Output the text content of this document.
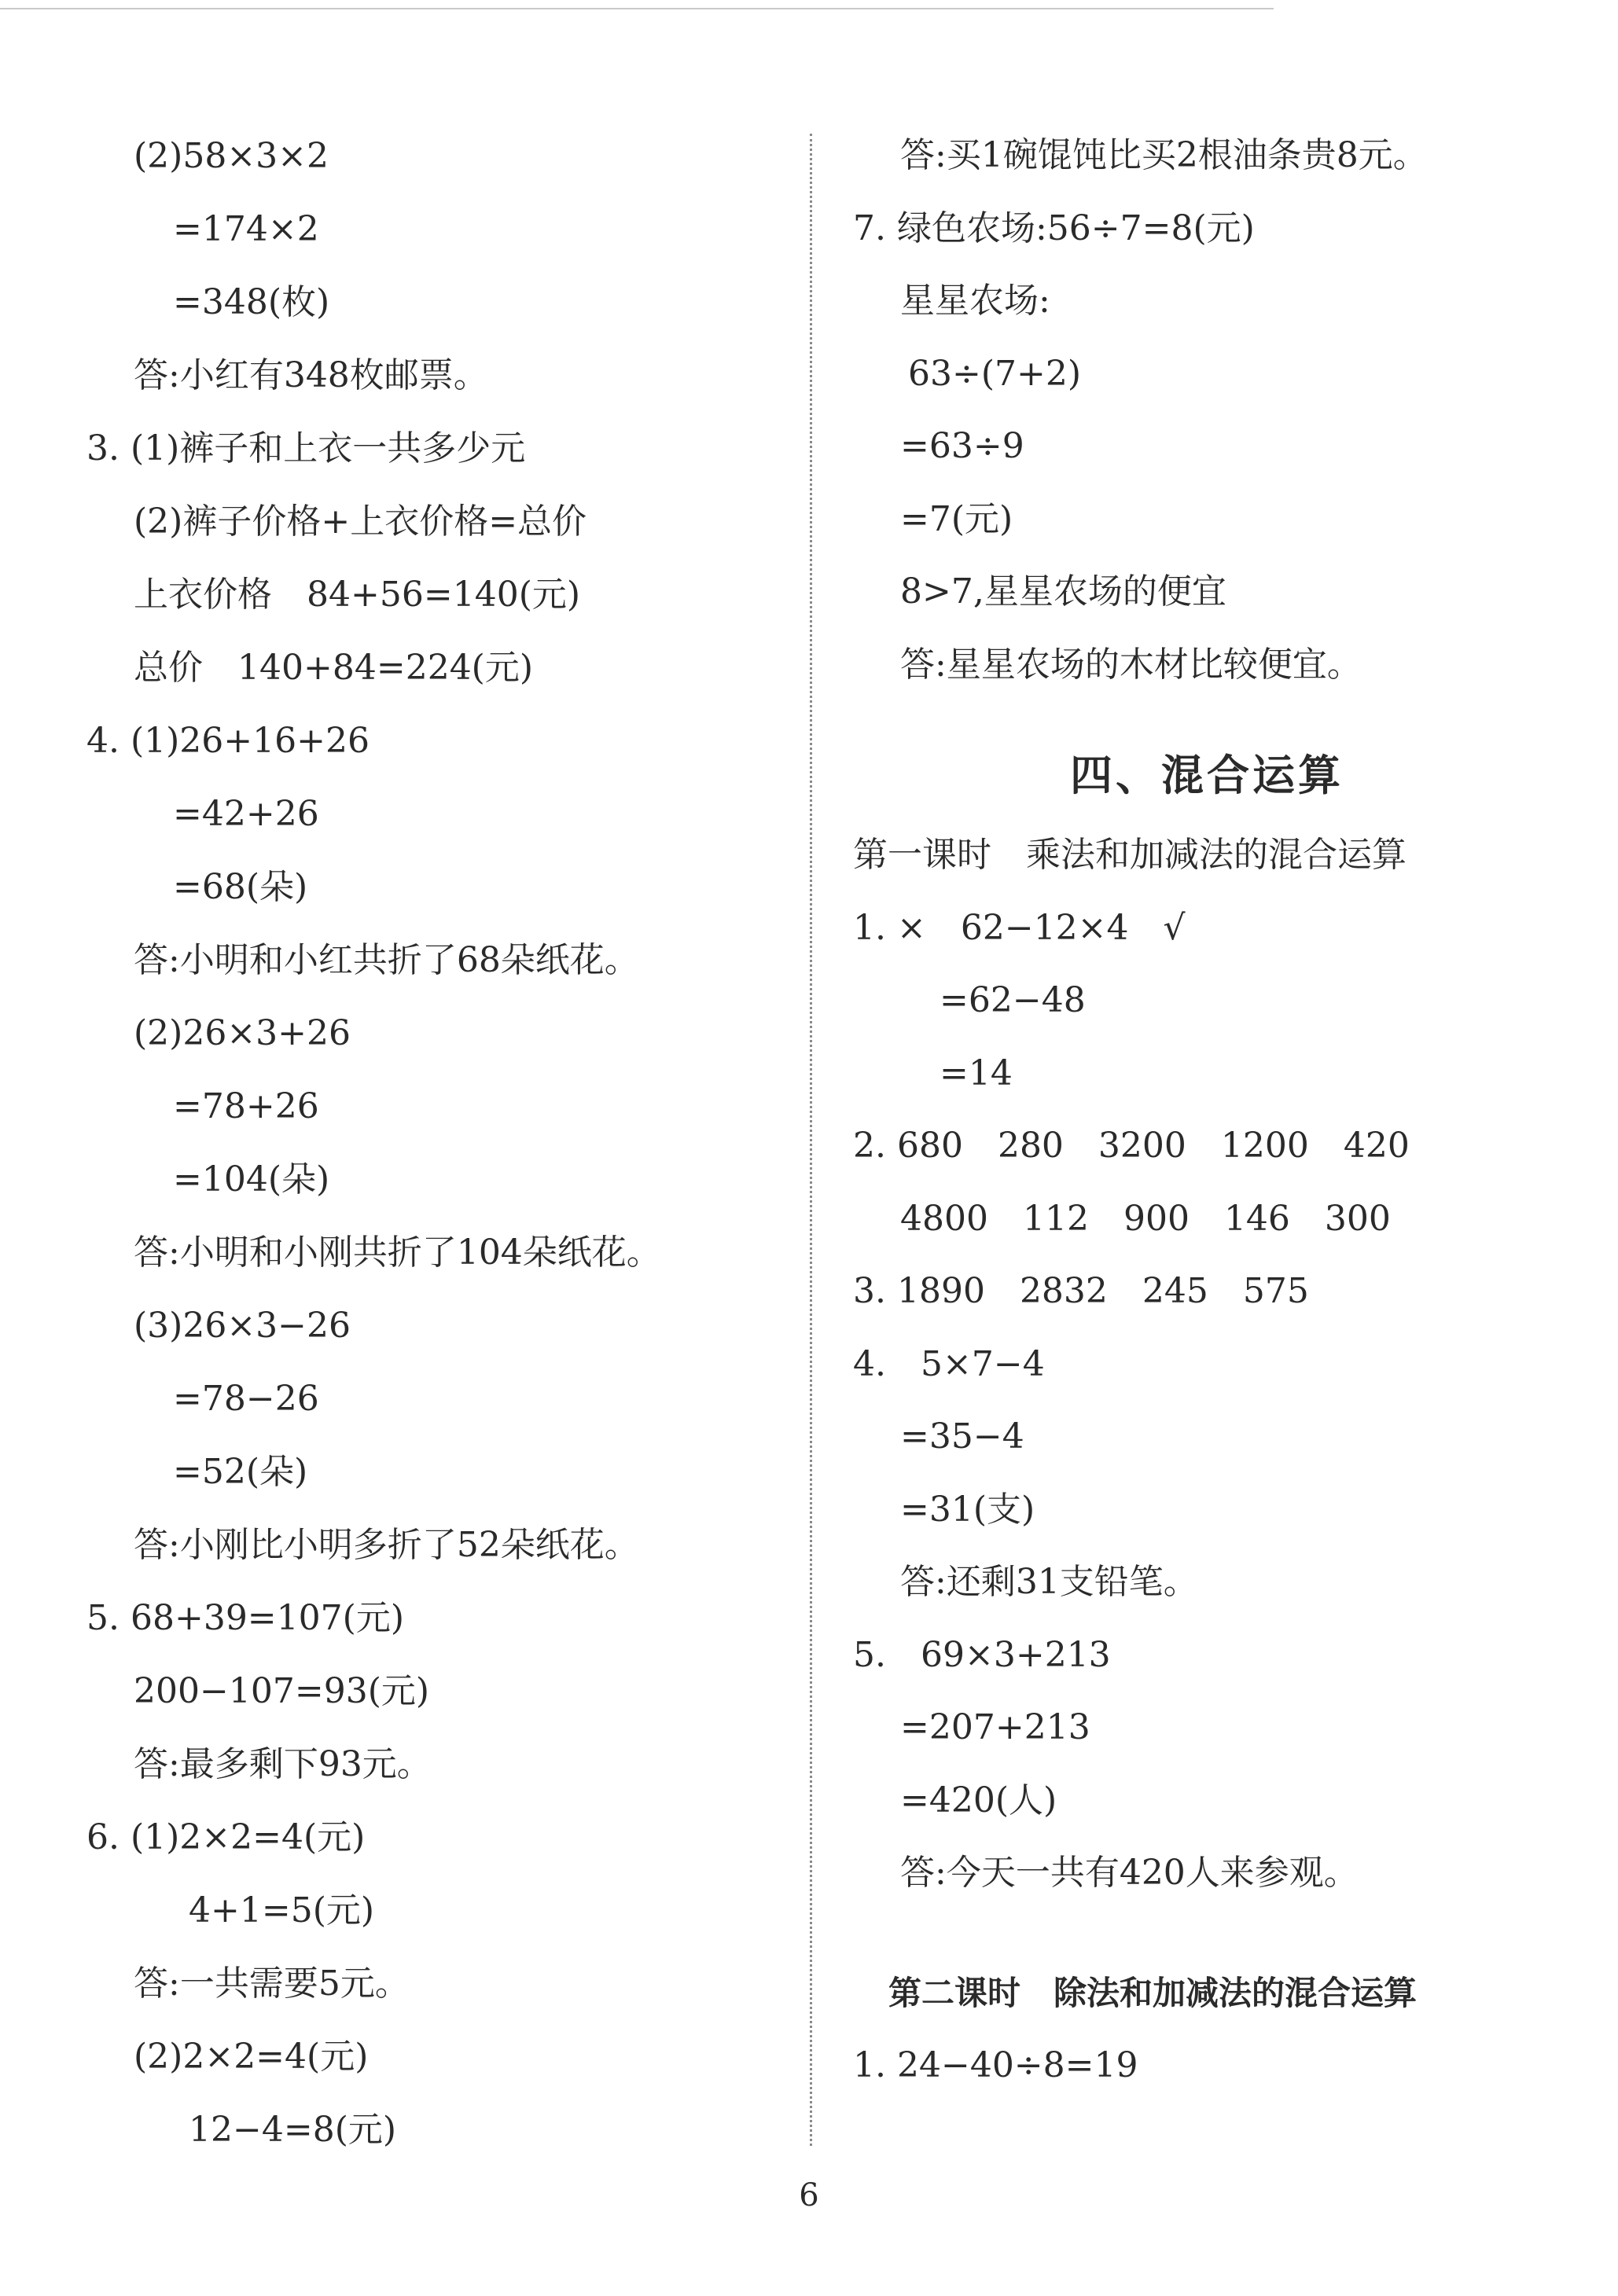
(2)58×3×2
=174×2
=348(枚)
答:小红有348枚邮票。
3. (1)裤子和上衣一共多少元
(2)裤子价格+上衣价格=总价
上衣价格　84+56=140(元)
总价　140+84=224(元)
4. (1)26+16+26
=42+26
=68(朵)
答:小明和小红共折了68朵纸花。
(2)26×3+26
=78+26
=104(朵)
答:小明和小刚共折了104朵纸花。
(3)26×3−26
=78−26
=52(朵)
答:小刚比小明多折了52朵纸花。
5. 68+39=107(元)
200−107=93(元)
答:最多剩下93元。
6. (1)2×2=4(元)
4+1=5(元)
答:一共需要5元。
(2)2×2=4(元)
12−4=8(元)
答:买1碗馄饨比买2根油条贵8元。
7. 绿色农场:56÷7=8(元)
星星农场:
63÷(7+2)
=63÷9
=7(元)
8>7,星星农场的便宜
答:星星农场的木材比较便宜。
四、混合运算
第一课时　乘法和加减法的混合运算
1. ×　62−12×4　√
=62−48
=14
2. 680　280　3200　1200　420
4800　112　900　146　300
3. 1890　2832　245　575
4.　5×7−4
=35−4
=31(支)
答:还剩31支铅笔。
5.　69×3+213
=207+213
=420(人)
答:今天一共有420人来参观。
第二课时　除法和加减法的混合运算
1. 24−40÷8=19
6
